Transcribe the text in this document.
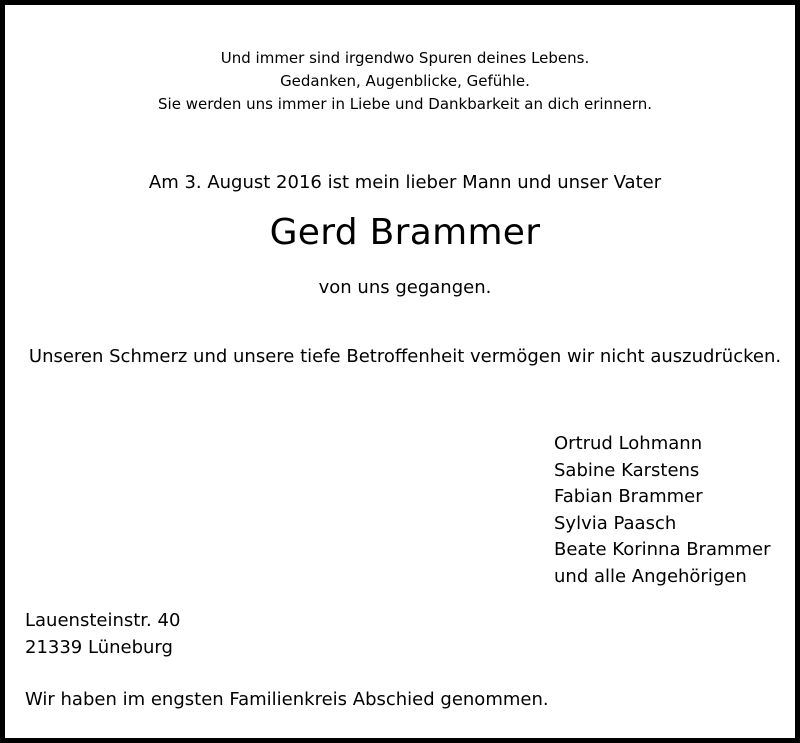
Und immer sind irgendwo Spuren deines Lebens.
Gedanken, Augenblicke, Gefühle.
Sie werden uns immer in Liebe und Dankbarkeit an dich erinnern.
Am 3. August 2016 ist mein lieber Mann und unser Vater
Gerd Brammer
von uns gegangen.
Unseren Schmerz und unsere tiefe Betroffenheit vermögen wir nicht auszudrücken.
Ortrud Lohmann
Sabine Karstens
Fabian Brammer
Sylvia Paasch
Beate Korinna Brammer
und alle Angehörigen
Lauensteinstr. 40
21339 Lüneburg
Wir haben im engsten Familienkreis Abschied genommen.
